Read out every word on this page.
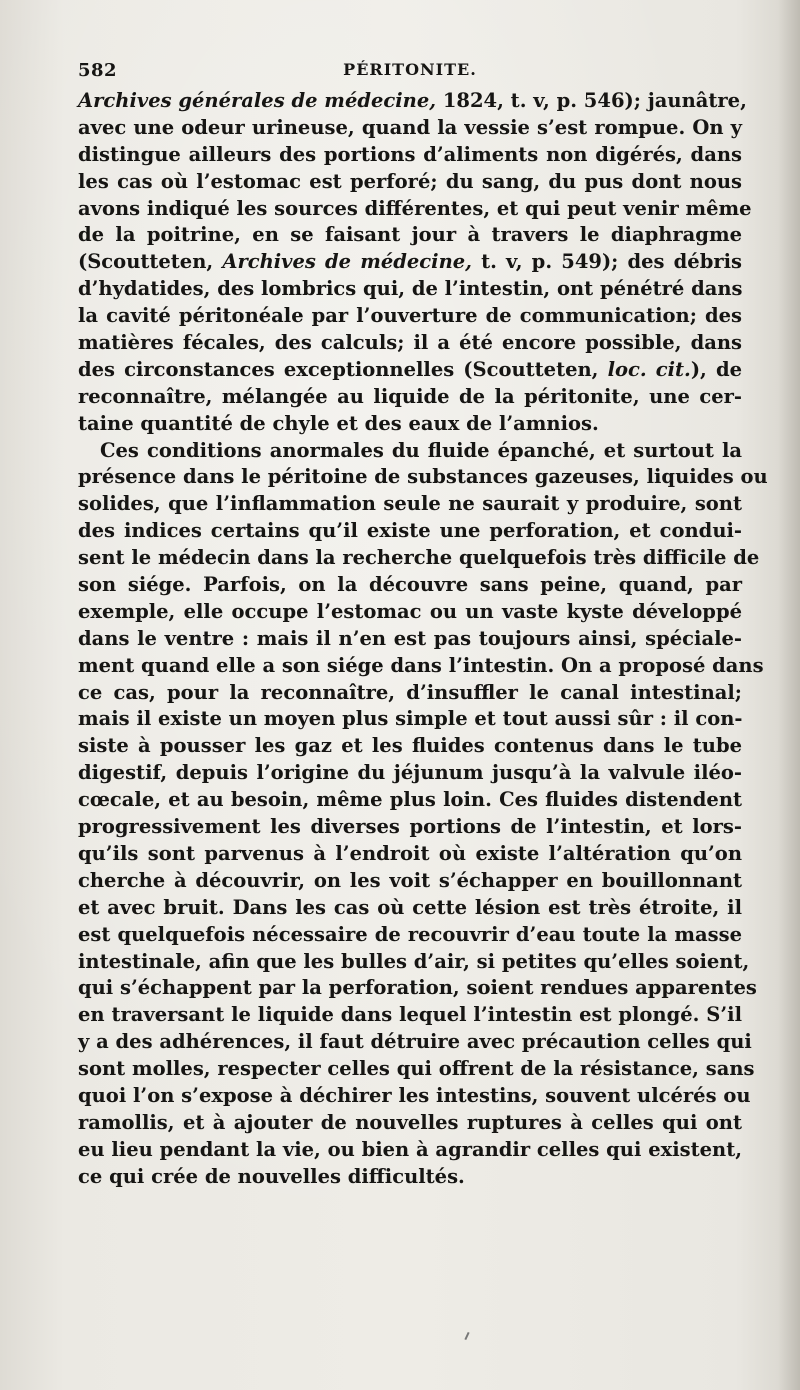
582	PÉRITONITE.
Archives générales de médecine, 1824, t. v, p. 546); jaunâtre,
avec une odeur urineuse, quand la vessie s’est rompue. On y
distingue ailleurs des portions d’aliments non digérés, dans
les cas où l’estomac est perforé; du sang, du pus dont nous
avons indiqué les sources différentes, et qui peut venir même
de la poitrine, en se faisant jour à travers le diaphragme
(Scoutteten, Archives de médecine, t. v, p. 549); des débris
d’hydatides, des lombrics qui, de l’intestin, ont pénétré dans
la cavité péritonéale par l’ouverture de communication; des
matières fécales, des calculs; il a été encore possible, dans
des circonstances exceptionnelles (Scoutteten, loc. cit.), de
reconnaître, mélangée au liquide de la péritonite, une cer-
taine quantité de chyle et des eaux de l’amnios.
Ces conditions anormales du fluide épanché, et surtout la
présence dans le péritoine de substances gazeuses, liquides ou
solides, que l’inflammation seule ne saurait y produire, sont
des indices certains qu’il existe une perforation, et condui-
sent le médecin dans la recherche quelquefois très difficile de
son siége. Parfois, on la découvre sans peine, quand, par
exemple, elle occupe l’estomac ou un vaste kyste développé
dans le ventre : mais il n’en est pas toujours ainsi, spéciale-
ment quand elle a son siége dans l’intestin. On a proposé dans
ce cas, pour la reconnaître, d’insuffler le canal intestinal;
mais il existe un moyen plus simple et tout aussi sûr : il con-
siste à pousser les gaz et les fluides contenus dans le tube
digestif, depuis l’origine du jéjunum jusqu’à la valvule iléo-
cœcale, et au besoin, même plus loin. Ces fluides distendent
progressivement les diverses portions de l’intestin, et lors-
qu’ils sont parvenus à l’endroit où existe l’altération qu’on
cherche à découvrir, on les voit s’échapper en bouillonnant
et avec bruit. Dans les cas où cette lésion est très étroite, il
est quelquefois nécessaire de recouvrir d’eau toute la masse
intestinale, afin que les bulles d’air, si petites qu’elles soient,
qui s’échappent par la perforation, soient rendues apparentes
en traversant le liquide dans lequel l’intestin est plongé. S’il
y a des adhérences, il faut détruire avec précaution celles qui
sont molles, respecter celles qui offrent de la résistance, sans
quoi l’on s’expose à déchirer les intestins, souvent ulcérés ou
ramollis, et à ajouter de nouvelles ruptures à celles qui ont
eu lieu pendant la vie, ou bien à agrandir celles qui existent,
ce qui crée de nouvelles difficultés.
